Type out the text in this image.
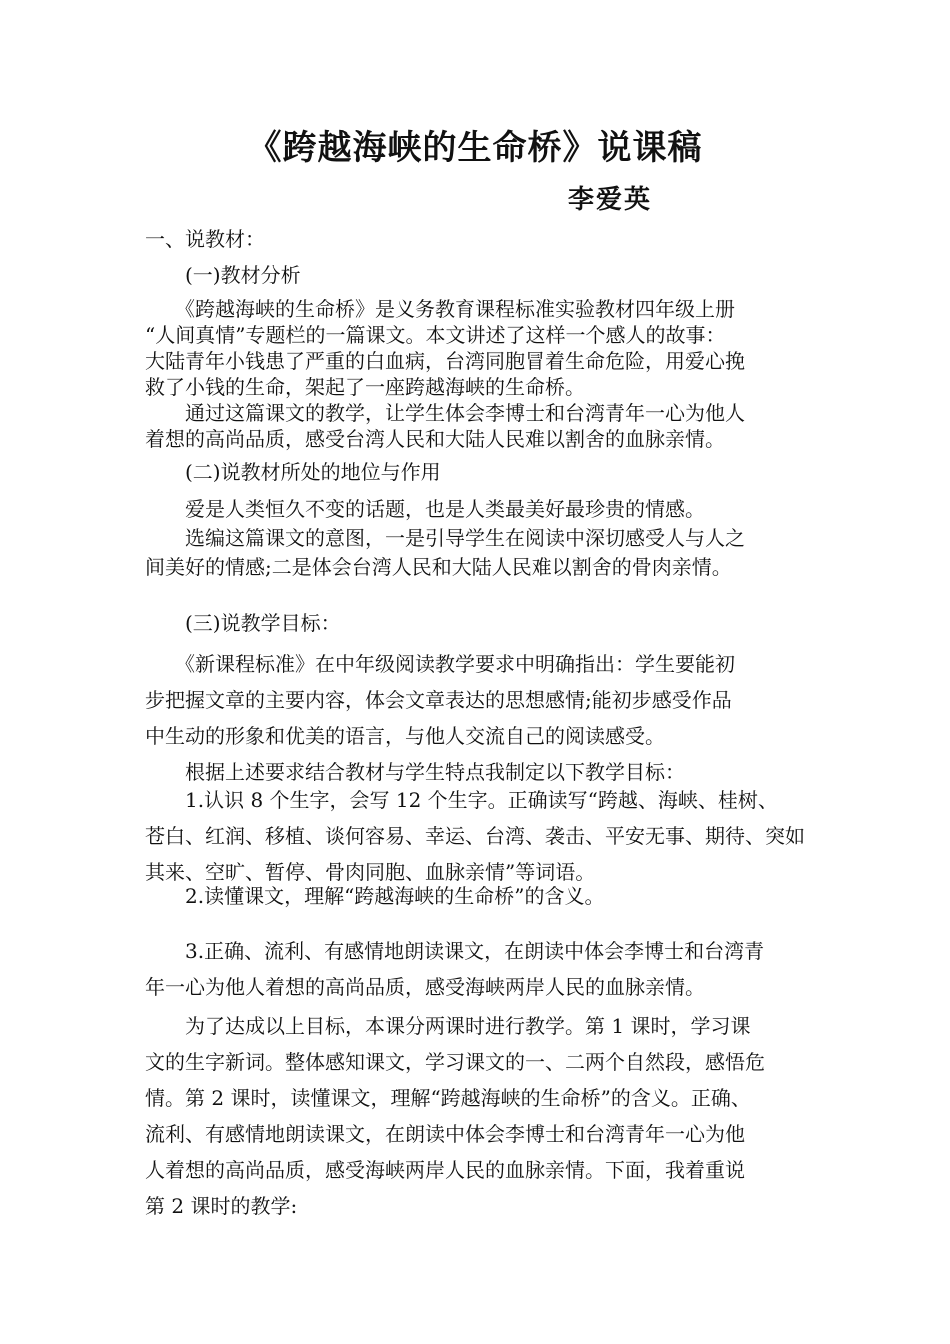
《跨越海峡的生命桥》说课稿
李爱英

一、说教材：

　　(一)教材分析

　　《跨越海峡的生命桥》是义务教育课程标准实验教材四年级上册
“人间真情”专题栏的一篇课文。本文讲述了这样一个感人的故事：
大陆青年小钱患了严重的白血病，台湾同胞冒着生命危险，用爱心挽
救了小钱的生命，架起了一座跨越海峡的生命桥。
　　通过这篇课文的教学，让学生体会李博士和台湾青年一心为他人
着想的高尚品质，感受台湾人民和大陆人民难以割舍的血脉亲情。

　　(二)说教材所处的地位与作用

　　爱是人类恒久不变的话题，也是人类最美好最珍贵的情感。
　　选编这篇课文的意图，一是引导学生在阅读中深切感受人与人之
间美好的情感;二是体会台湾人民和大陆人民难以割舍的骨肉亲情。

　　(三)说教学目标：

　　《新课程标准》在中年级阅读教学要求中明确指出：学生要能初
步把握文章的主要内容，体会文章表达的思想感情;能初步感受作品
中生动的形象和优美的语言，与他人交流自己的阅读感受。
　　根据上述要求结合教材与学生特点我制定以下教学目标：

　　1.认识 8 个生字，会写 12 个生字。正确读写“跨越、海峡、桂树、
苍白、红润、移植、谈何容易、幸运、台湾、袭击、平安无事、期待、突如
其来、空旷、暂停、骨肉同胞、血脉亲情”等词语。

　　2.读懂课文，理解“跨越海峡的生命桥”的含义。

　　3.正确、流利、有感情地朗读课文，在朗读中体会李博士和台湾青
年一心为他人着想的高尚品质，感受海峡两岸人民的血脉亲情。

　　为了达成以上目标，本课分两课时进行教学。第 1 课时，学习课
文的生字新词。整体感知课文，学习课文的一、二两个自然段，感悟危
情。第 2 课时，读懂课文，理解“跨越海峡的生命桥”的含义。正确、
流利、有感情地朗读课文，在朗读中体会李博士和台湾青年一心为他
人着想的高尚品质，感受海峡两岸人民的血脉亲情。下面，我着重说
第 2 课时的教学:
